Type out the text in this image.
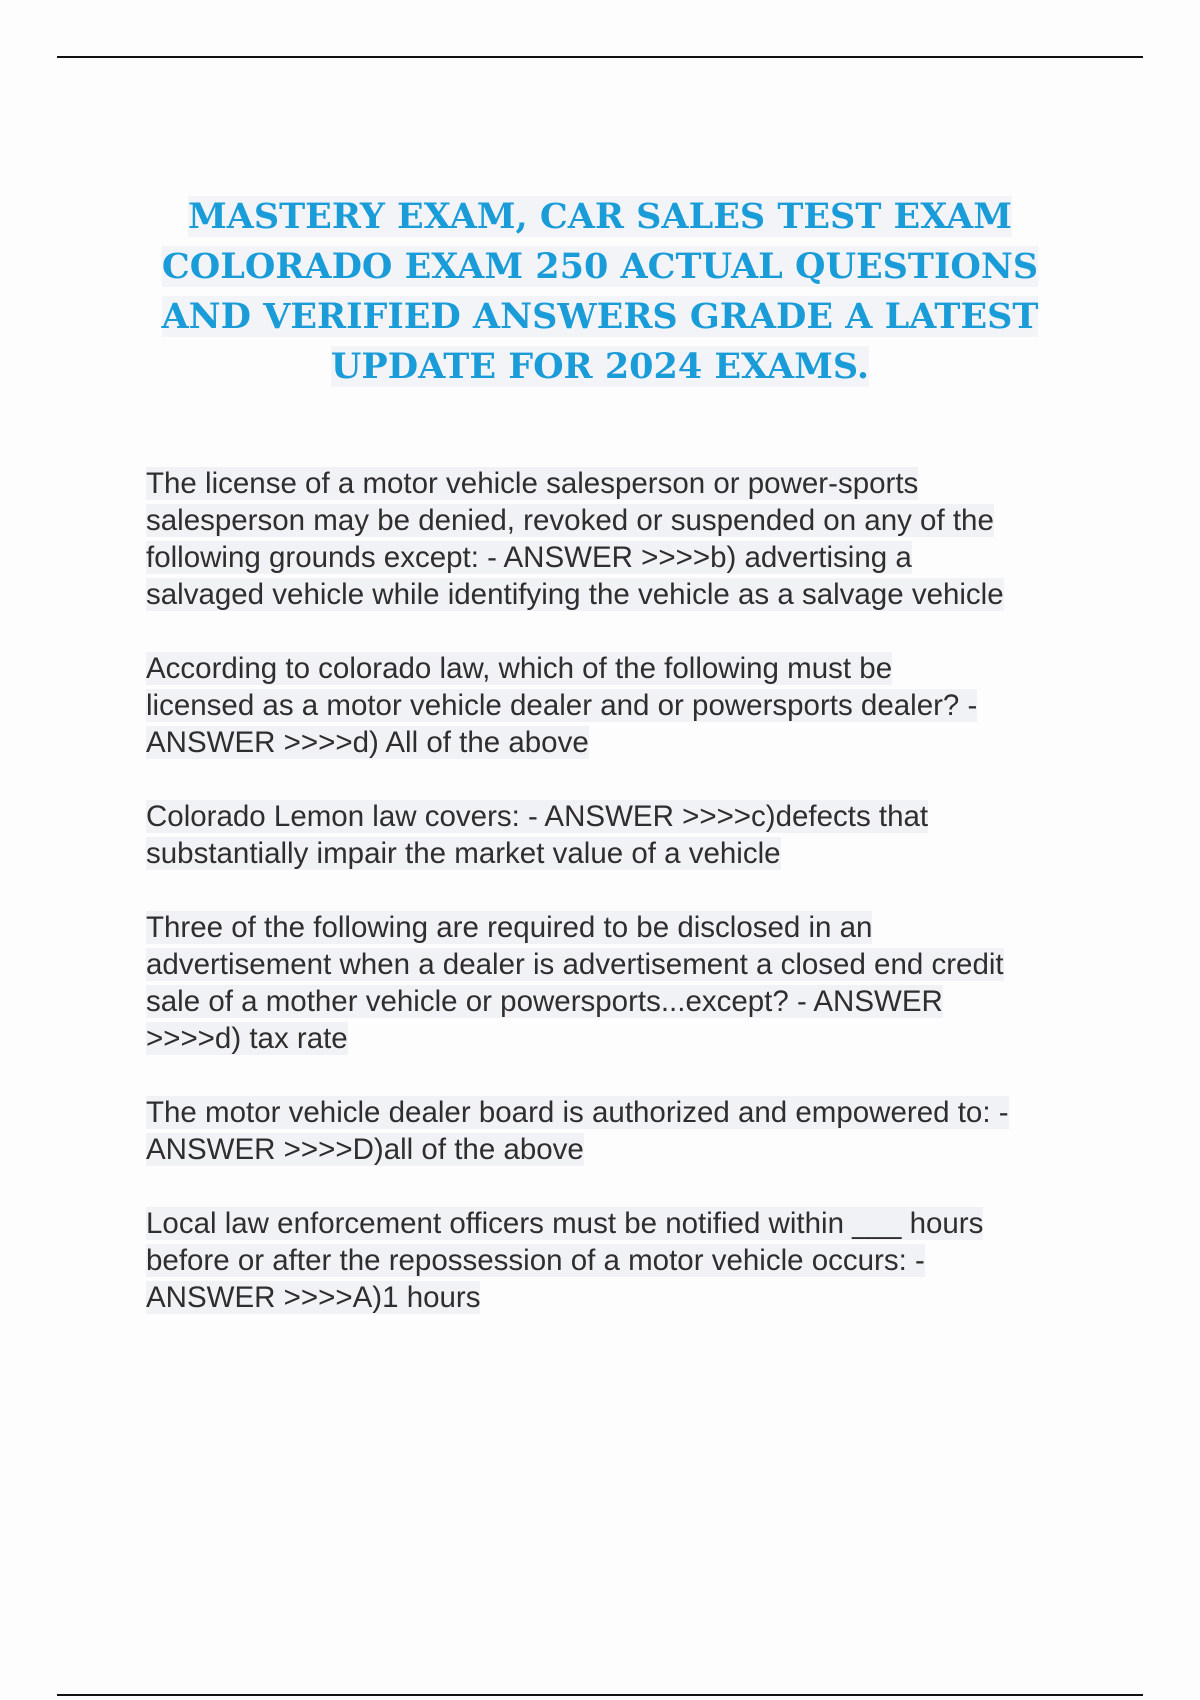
MASTERY EXAM, CAR SALES TEST EXAM
COLORADO EXAM 250 ACTUAL QUESTIONS
AND VERIFIED ANSWERS GRADE A LATEST
UPDATE FOR 2024 EXAMS.

The license of a motor vehicle salesperson or power-sports
salesperson may be denied, revoked or suspended on any of the
following grounds except: - ANSWER >>>>b) advertising a
salvaged vehicle while identifying the vehicle as a salvage vehicle

According to colorado law, which of the following must be
licensed as a motor vehicle dealer and or powersports dealer? -
ANSWER >>>>d) All of the above

Colorado Lemon law covers: - ANSWER >>>>c)defects that
substantially impair the market value of a vehicle

Three of the following are required to be disclosed in an
advertisement when a dealer is advertisement a closed end credit
sale of a mother vehicle or powersports...except? - ANSWER
>>>>d) tax rate

The motor vehicle dealer board is authorized and empowered to: -
ANSWER >>>>D)all of the above

Local law enforcement officers must be notified within ___ hours
before or after the repossession of a motor vehicle occurs: -
ANSWER >>>>A)1 hours
